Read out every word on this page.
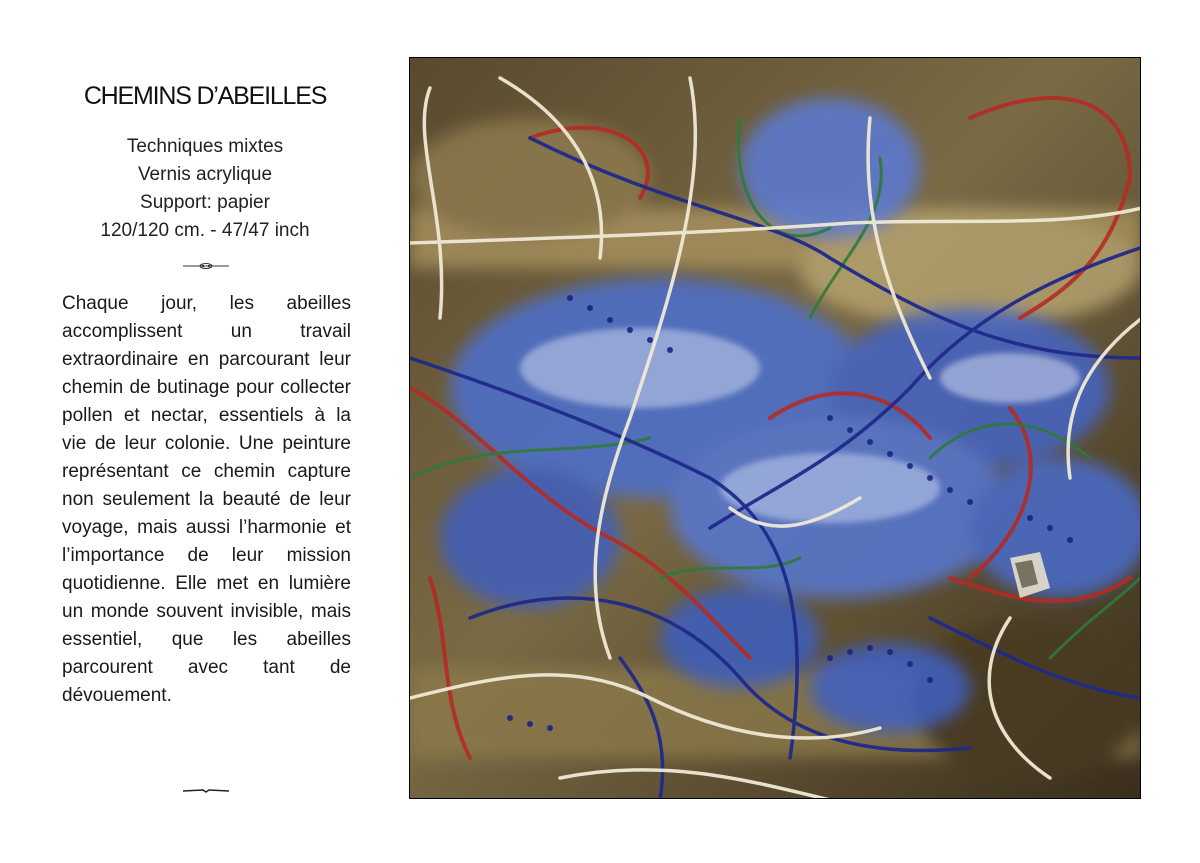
CHEMINS D’ABEILLES
Techniques mixtes
Vernis acrylique
Support: papier
120/120 cm. - 47/47 inch
Chaque jour, les abeilles accomplissent un travail extraordinaire en parcourant leur chemin de butinage pour collecter pollen et nectar, essentiels à la vie de leur colonie. Une peinture représentant ce chemin capture non seulement la beauté de leur voyage, mais aussi l’harmonie et l’importance de leur mission quotidienne. Elle met en lumière un monde souvent invisible, mais essentiel, que les abeilles parcourent avec tant de dévouement.
